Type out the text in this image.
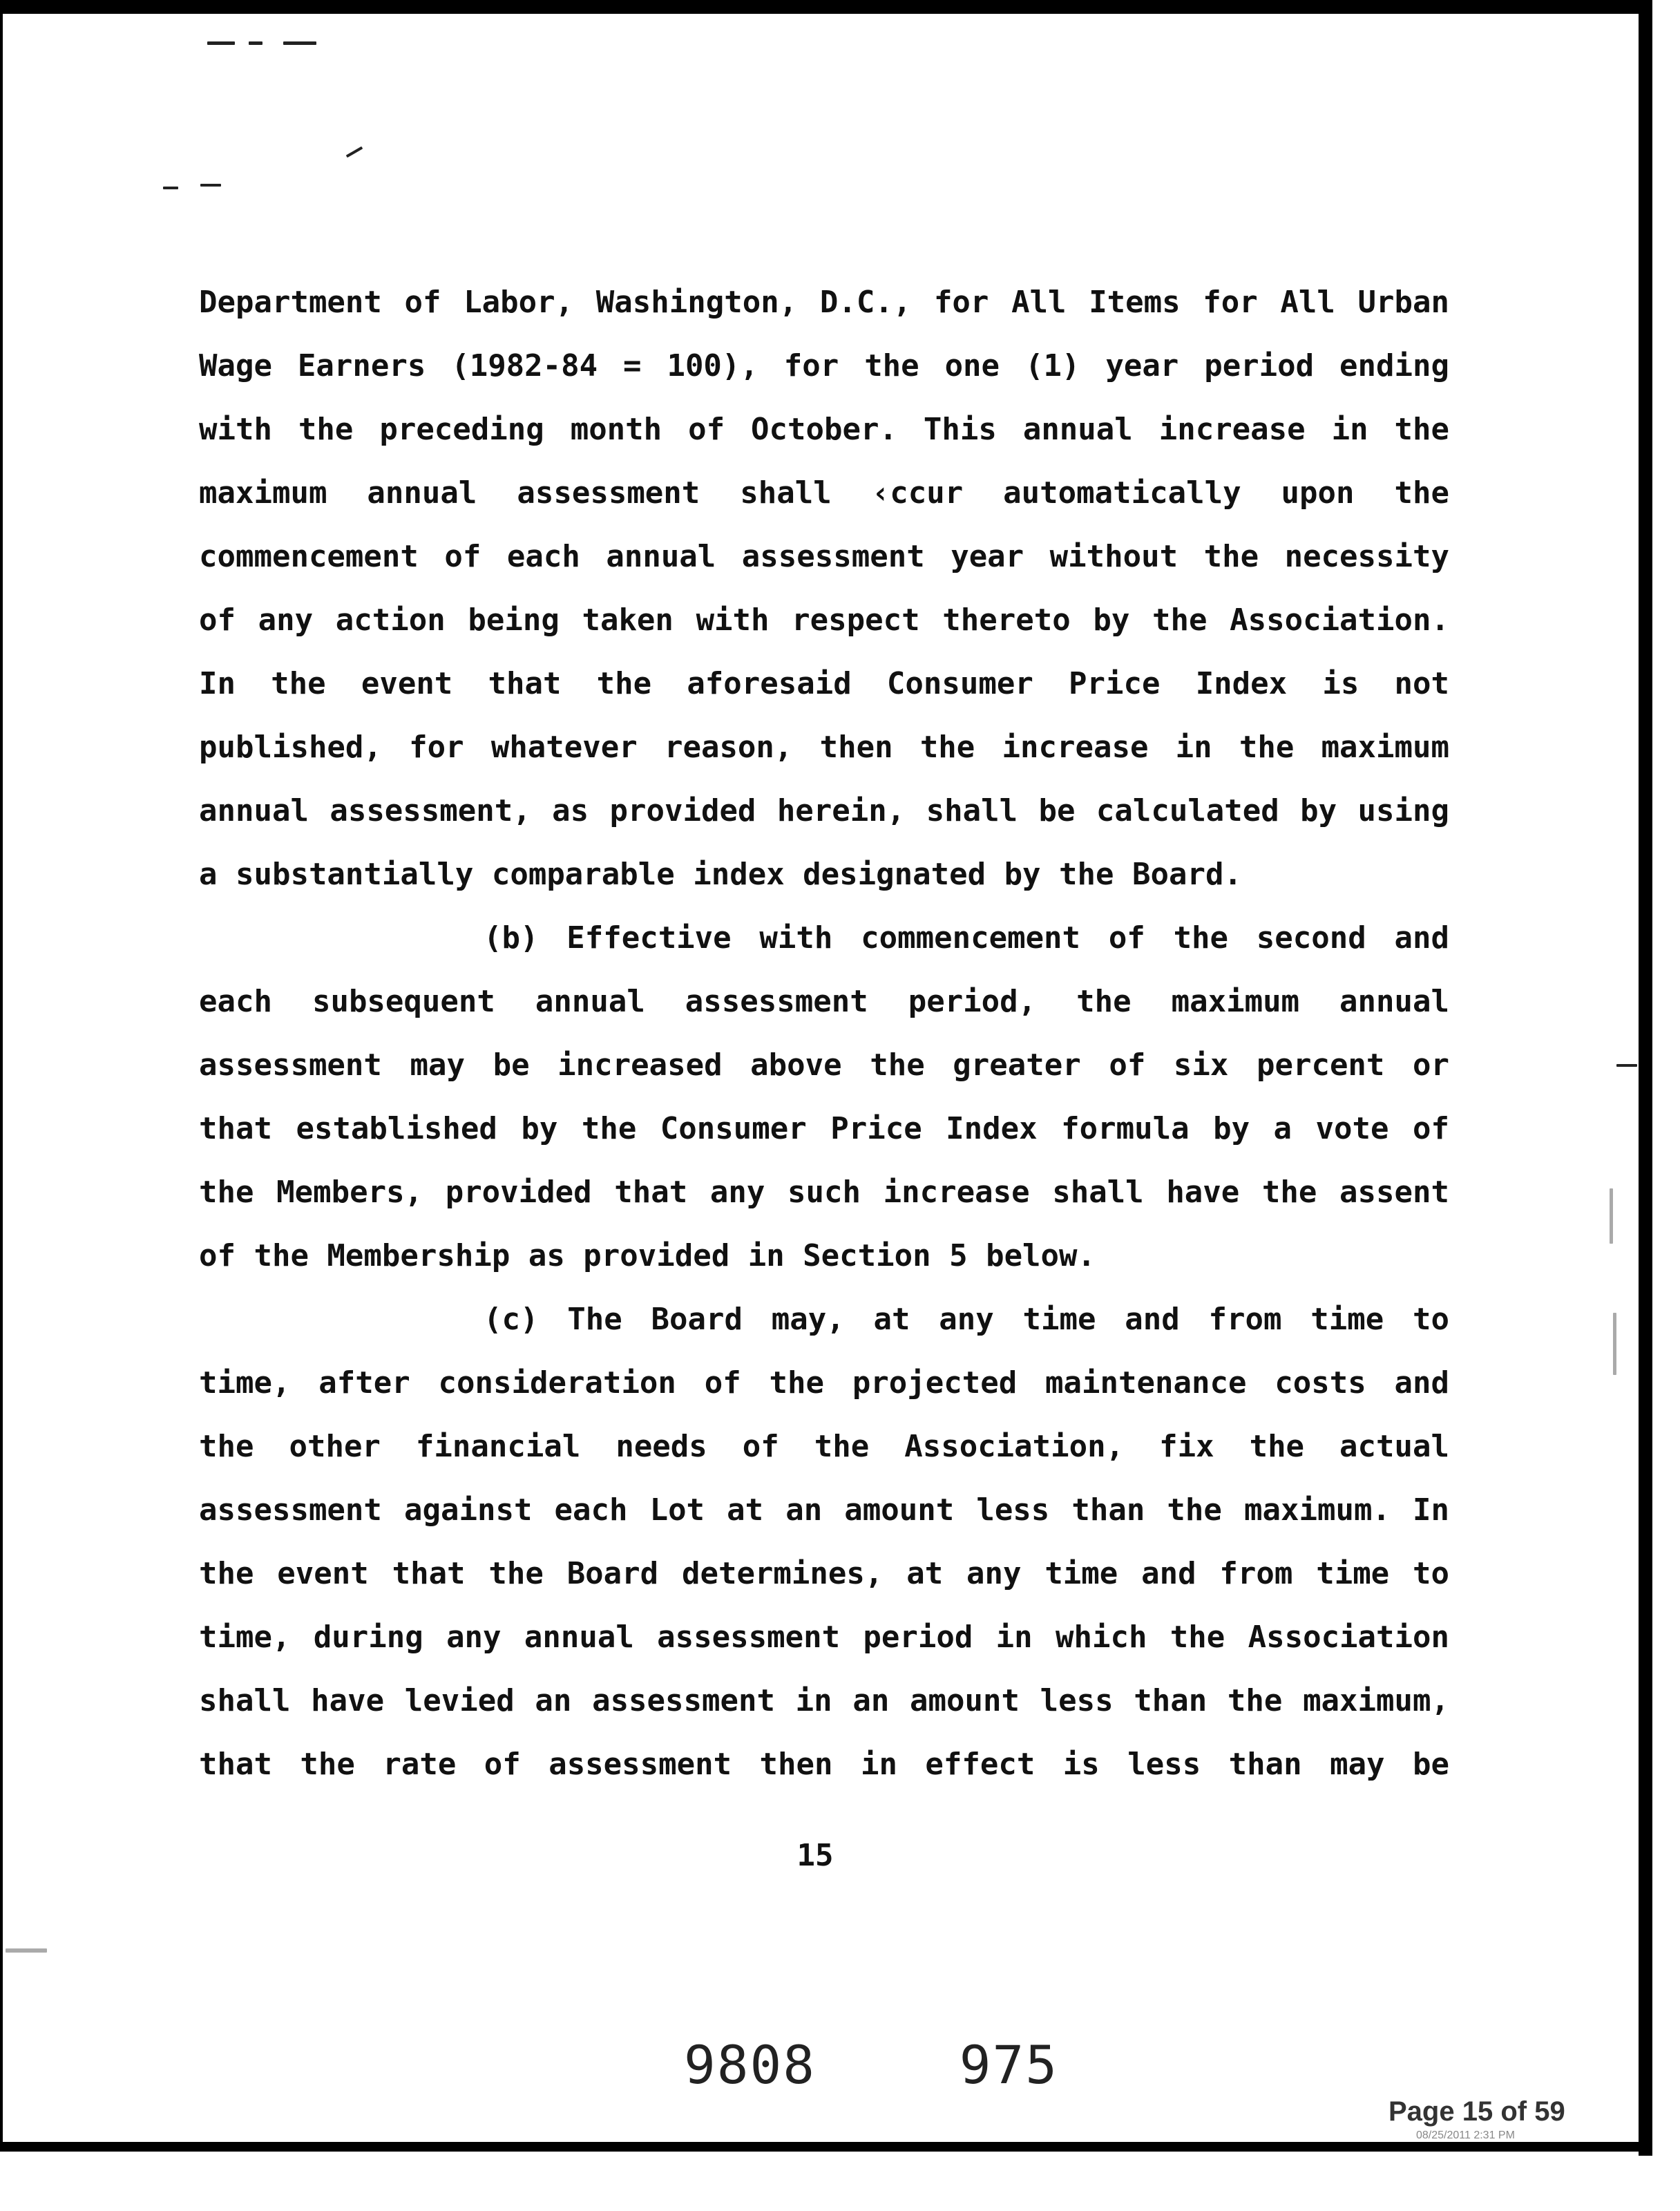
Department of Labor, Washington, D.C., for All Items for All Urban
Wage Earners (1982-84 = 100), for the one (1) year period ending
with the preceding month of October. This annual increase in the
maximum annual assessment shall ‹ccur automatically upon the
commencement of each annual assessment year without the necessity
of any action being taken with respect thereto by the Association.
In the event that the aforesaid Consumer Price Index is not
published, for whatever reason, then the increase in the maximum
annual assessment, as provided herein, shall be calculated by using
a substantially comparable index designated by the Board.
(b) Effective with commencement of the second and
each subsequent annual assessment period, the maximum annual
assessment may be increased above the greater of six percent or
that established by the Consumer Price Index formula by a vote of
the Members, provided that any such increase shall have the assent
of the Membership as provided in Section 5 below.
(c) The Board may, at any time and from time to
time, after consideration of the projected maintenance costs and
the other financial needs of the Association, fix the actual
assessment against each Lot at an amount less than the maximum. In
the event that the Board determines, at any time and from time to
time, during any annual assessment period in which the Association
shall have levied an assessment in an amount less than the maximum,
that the rate of assessment then in effect is less than may be
15
9808	975
Page 15 of 59
08/25/2011 2:31 PM
